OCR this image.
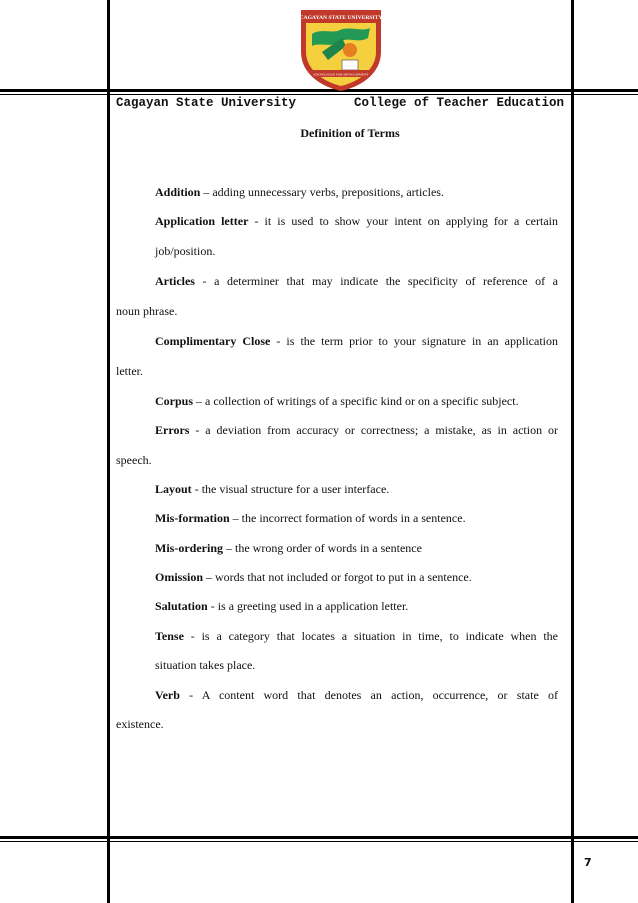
CAGAYAN STATE UNIVERSITY
KNOWLEDGE FOR DEVELOPMENT
Cagayan State University	College of Teacher Education
Definition of Terms
Addition – adding unnecessary verbs, prepositions, articles.
Application letter - it is used to show your intent on applying for a certain
job/position.
Articles - a determiner that may indicate the specificity of reference of a
noun phrase.
Complimentary Close - is the term prior to your signature in an application
letter.
Corpus – a collection of writings of a specific kind or on a specific subject.
Errors - a deviation from accuracy or correctness; a mistake, as in action or
speech.
Layout - the visual structure for a user interface.
Mis-formation – the incorrect formation of words in a sentence.
Mis-ordering – the wrong order of words in a sentence
Omission – words that not included or forgot to put in a sentence.
Salutation - is a greeting used in a application letter.
Tense - is a category that locates a situation in time, to indicate when the
situation takes place.
Verb - A content word that denotes an action, occurrence, or state of
existence.
7
